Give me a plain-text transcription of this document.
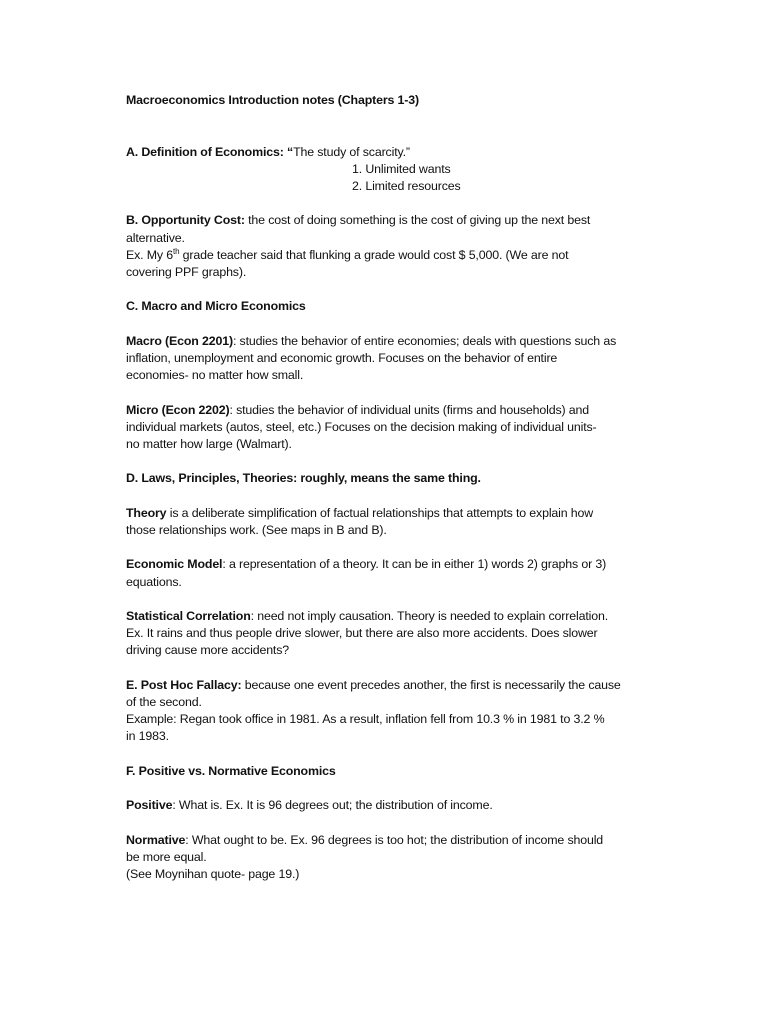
Macroeconomics Introduction notes (Chapters 1-3)
A. Definition of Economics: “The study of scarcity.”
1. Unlimited wants
2. Limited resources
B. Opportunity Cost: the cost of doing something is the cost of giving up the next best
alternative.
Ex. My 6th grade teacher said that flunking a grade would cost $ 5,000. (We are not
covering PPF graphs).
C. Macro and Micro Economics
Macro (Econ 2201): studies the behavior of entire economies; deals with questions such as
inflation, unemployment and economic growth. Focuses on the behavior of entire
economies- no matter how small.
Micro (Econ 2202): studies the behavior of individual units (firms and households) and
individual markets (autos, steel, etc.) Focuses on the decision making of individual units-
no matter how large (Walmart).
D. Laws, Principles, Theories: roughly, means the same thing.
Theory is a deliberate simplification of factual relationships that attempts to explain how
those relationships work. (See maps in B and B).
Economic Model: a representation of a theory. It can be in either 1) words 2) graphs or 3)
equations.
Statistical Correlation: need not imply causation. Theory is needed to explain correlation.
Ex. It rains and thus people drive slower, but there are also more accidents. Does slower
driving cause more accidents?
E. Post Hoc Fallacy: because one event precedes another, the first is necessarily the cause
of the second.
Example: Regan took office in 1981. As a result, inflation fell from 10.3 % in 1981 to 3.2 %
in 1983.
F. Positive vs. Normative Economics
Positive: What is. Ex. It is 96 degrees out; the distribution of income.
Normative: What ought to be. Ex. 96 degrees is too hot; the distribution of income should
be more equal.
(See Moynihan quote- page 19.)
